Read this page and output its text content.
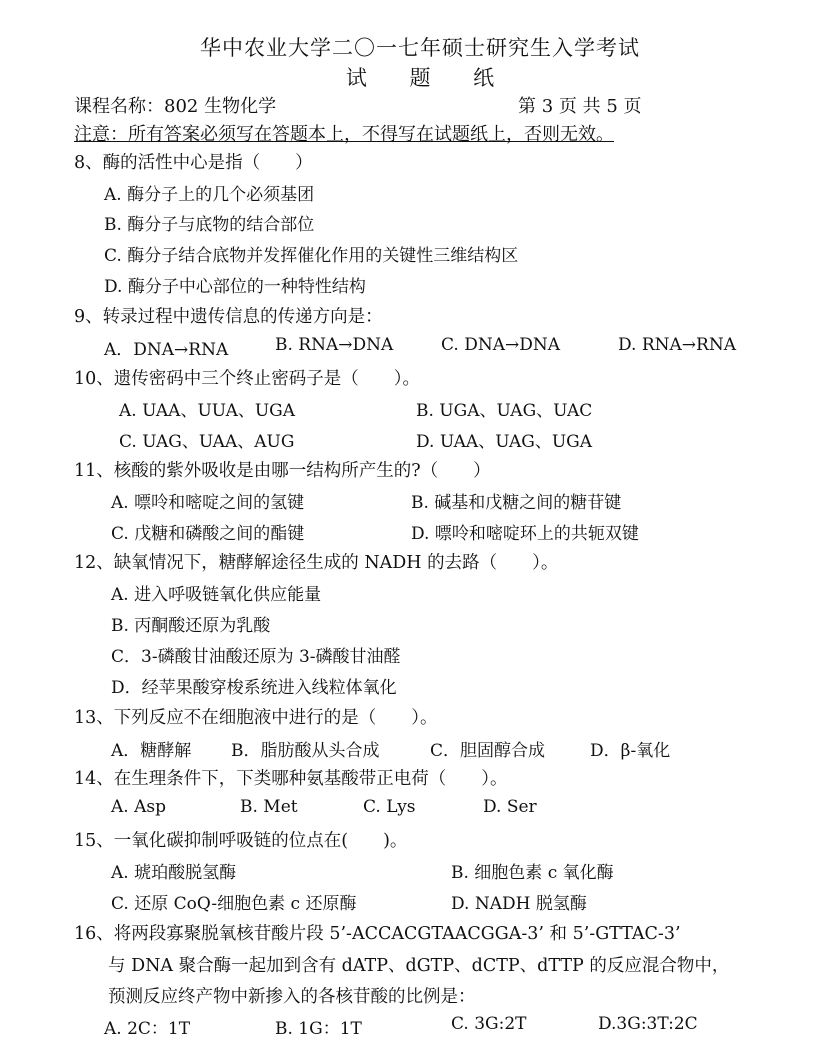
华中农业大学二〇一七年硕士研究生入学考试
试 题 纸
课程名称：802 生物化学	第 3 页 共 5 页
注意：所有答案必须写在答题本上，不得写在试题纸上，否则无效。
8、酶的活性中心是指（　　）
A. 酶分子上的几个必须基团
B. 酶分子与底物的结合部位
C. 酶分子结合底物并发挥催化作用的关键性三维结构区
D. 酶分子中心部位的一种特性结构
9、转录过程中遗传信息的传递方向是：
A．DNA→RNA	B. RNA→DNA	C. DNA→DNA	D. RNA→RNA
10、遗传密码中三个终止密码子是（　　）。
A. UAA、UUA、UGA	B. UGA、UAG、UAC
C. UAG、UAA、AUG	D. UAA、UAG、UGA
11、核酸的紫外吸收是由哪一结构所产生的?（　　）
A. 嘌呤和嘧啶之间的氢键	B. 碱基和戊糖之间的糖苷键
C. 戊糖和磷酸之间的酯键	D. 嘌呤和嘧啶环上的共轭双键
12、缺氧情况下，糖酵解途径生成的 NADH 的去路（　　）。
A. 进入呼吸链氧化供应能量
B. 丙酮酸还原为乳酸
C．3-磷酸甘油酸还原为 3-磷酸甘油醛
D．经苹果酸穿梭系统进入线粒体氧化
13、下列反应不在细胞液中进行的是（　　）。
A．糖酵解 B．脂肪酸从头合成	C．胆固醇合成	D．β-氧化
14、在生理条件下，下类哪种氨基酸带正电荷（　　）。
A. Asp	B. Met	C. Lys	D. Ser
15、一氧化碳抑制呼吸链的位点在(　　)。
A. 琥珀酸脱氢酶	B. 细胞色素 c 氧化酶
C. 还原 CoQ-细胞色素 c 还原酶	D. NADH 脱氢酶
16、将两段寡聚脱氧核苷酸片段 5’-ACCACGTAACGGA-3’ 和 5’-GTTAC-3’
与 DNA 聚合酶一起加到含有 dATP、dGTP、dCTP、dTTP 的反应混合物中，
预测反应终产物中新掺入的各核苷酸的比例是：
A. 2C：1T	B. 1G：1T	C. 3G:2T	D.3G:3T:2C
